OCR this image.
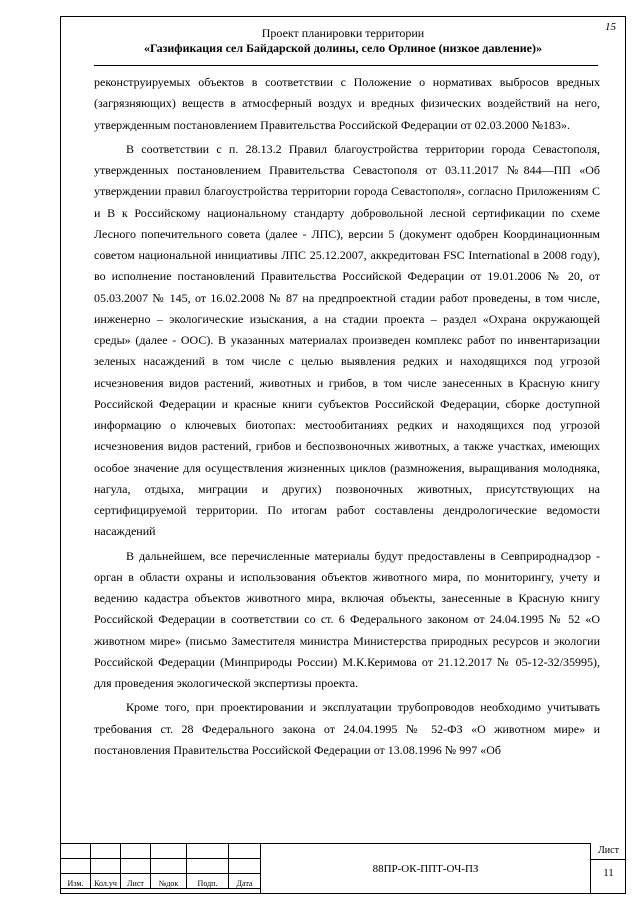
15
Проект планировки территории
«Газификация сел Байдарской долины, село Орлиное (низкое давление)»

реконструируемых объектов в соответствии с Положение о нормативах выбросов вредных (загрязняющих) веществ в атмосферный воздух и вредных физических воздействий на него, утвержденным постановлением Правительства Российской Федерации от 02.03.2000 №183».

В соответствии с п. 28.13.2 Правил благоустройства территории города Севастополя, утвержденных постановлением Правительства Севастополя от 03.11.2017 №844—ПП «Об утверждении правил благоустройства территории города Севастополя», согласно Приложениям С и В к Российскому национальному стандарту добровольной лесной сертификации по схеме Лесного попечительного совета (далее - ЛПС), версии 5 (документ одобрен Координационным советом национальной инициативы ЛПС 25.12.2007, аккредитован FSC International в 2008 году), во исполнение постановлений Правительства Российской Федерации от 19.01.2006 № 20, от 05.03.2007 № 145, от 16.02.2008 № 87 на предпроектной стадии работ проведены, в том числе, инженерно – экологические изыскания, а на стадии проекта – раздел «Охрана окружающей среды» (далее - ООС). В указанных материалах произведен комплекс работ по инвентаризации зеленых насаждений в том числе с целью выявления редких и находящихся под угрозой исчезновения видов растений, животных и грибов, в том числе занесенных в Красную книгу Российской Федерации и красные книги субъектов Российской Федерации, сборке доступной информацию о ключевых биотопах: местообитаниях редких и находящихся под угрозой исчезновения видов растений, грибов и беспозвоночных животных, а также участках, имеющих особое значение для осуществления жизненных циклов (размножения, выращивания молодняка, нагула, отдыха, миграции и других) позвоночных животных, присутствующих на сертифицируемой территории. По итогам работ составлены дендрологические ведомости насаждений

В дальнейшем, все перечисленные материалы будут предоставлены в Севприроднадзор - орган в области охраны и использования объектов животного мира, по мониторингу, учету и ведению кадастра объектов животного мира, включая объекты, занесенные в Красную книгу Российской Федерации в соответствии со ст. 6 Федерального законом от 24.04.1995 № 52 «О животном мире» (письмо Заместителя министра Министерства природных ресурсов и экологии Российской Федерации (Минприроды России) М.К.Керимова от 21.12.2017 № 05-12-32/35995), для проведения экологической экспертизы проекта.

Кроме того, при проектировании и эксплуатации трубопроводов необходимо учитывать требования ст. 28 Федерального закона от 24.04.1995 № 52-ФЗ «О животном мире» и постановления Правительства Российской Федерации от 13.08.1996 № 997 «Об

Изм.	Кол.уч	Лист	№док	Подп.	Дата
88ПР-ОК-ППТ-ОЧ-ПЗ
Лист
11
